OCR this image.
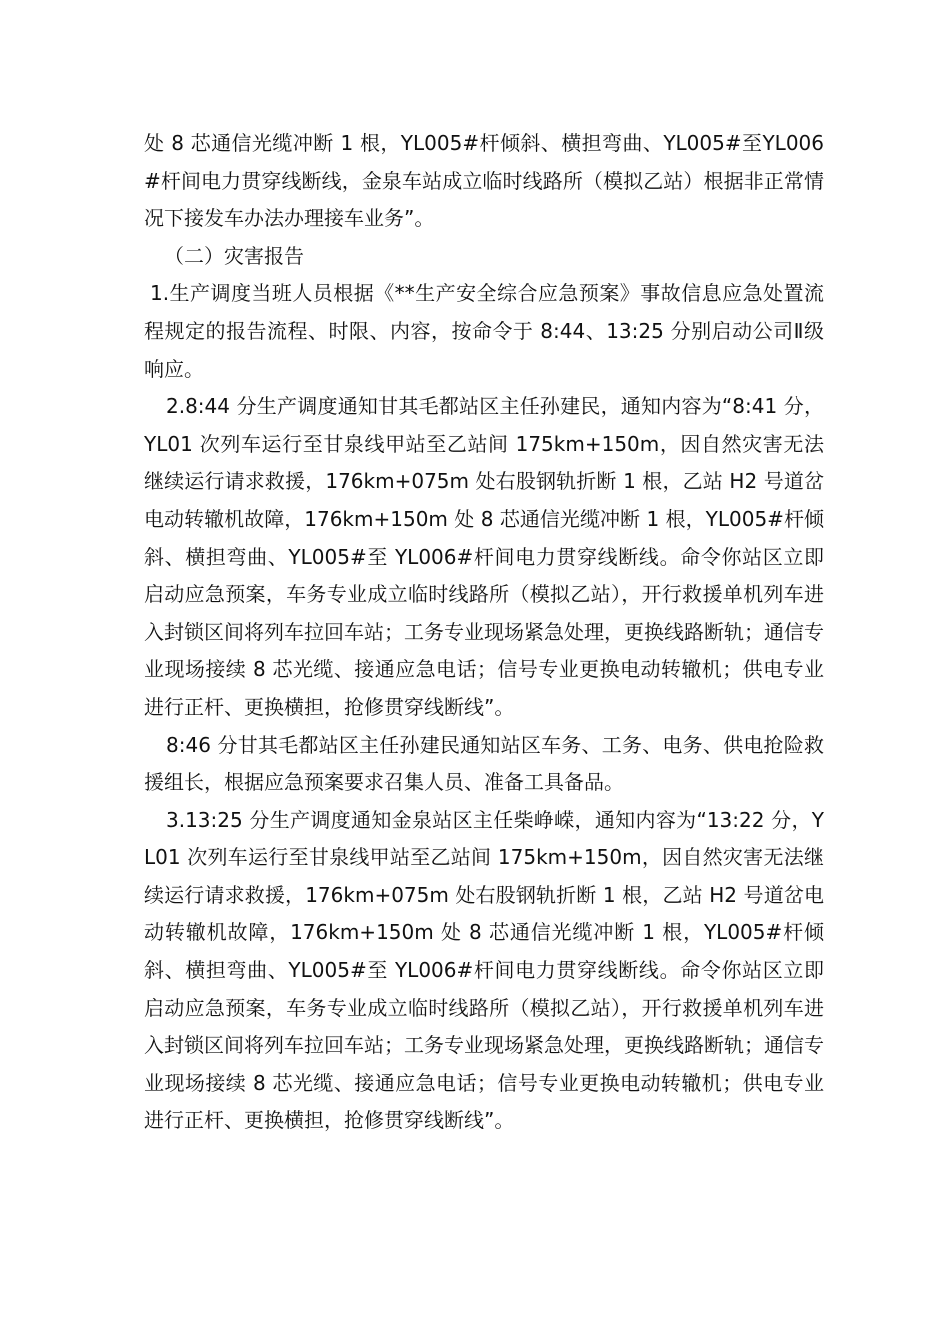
处 8 芯通信光缆冲断 1 根，YL005#杆倾斜、横担弯曲、YL005#至YL006#杆间电力贯穿线断线，金泉车站成立临时线路所（模拟乙站）根据非正常情况下接发车办法办理接车业务”。

（二）灾害报告

1.生产调度当班人员根据《**生产安全综合应急预案》事故信息应急处置流程规定的报告流程、时限、内容，按命令于 8:44、13:25 分别启动公司Ⅱ级响应。

2.8:44 分生产调度通知甘其毛都站区主任孙建民，通知内容为“8:41 分，YL01 次列车运行至甘泉线甲站至乙站间 175km+150m，因自然灾害无法继续运行请求救援，176km+075m 处右股钢轨折断 1 根，乙站 H2 号道岔电动转辙机故障，176km+150m 处 8 芯通信光缆冲断 1 根，YL005#杆倾斜、横担弯曲、YL005#至 YL006#杆间电力贯穿线断线。命令你站区立即启动应急预案，车务专业成立临时线路所（模拟乙站），开行救援单机列车进入封锁区间将列车拉回车站；工务专业现场紧急处理，更换线路断轨；通信专业现场接续 8 芯光缆、接通应急电话；信号专业更换电动转辙机；供电专业进行正杆、更换横担，抢修贯穿线断线”。

8:46 分甘其毛都站区主任孙建民通知站区车务、工务、电务、供电抢险救援组长，根据应急预案要求召集人员、准备工具备品。

3.13:25 分生产调度通知金泉站区主任柴峥嵘，通知内容为“13:22 分，YL01 次列车运行至甘泉线甲站至乙站间 175km+150m，因自然灾害无法继续运行请求救援，176km+075m 处右股钢轨折断 1 根，乙站 H2 号道岔电动转辙机故障，176km+150m 处 8 芯通信光缆冲断 1 根，YL005#杆倾斜、横担弯曲、YL005#至 YL006#杆间电力贯穿线断线。命令你站区立即启动应急预案，车务专业成立临时线路所（模拟乙站），开行救援单机列车进入封锁区间将列车拉回车站；工务专业现场紧急处理，更换线路断轨；通信专业现场接续 8 芯光缆、接通应急电话；信号专业更换电动转辙机；供电专业进行正杆、更换横担，抢修贯穿线断线”。
